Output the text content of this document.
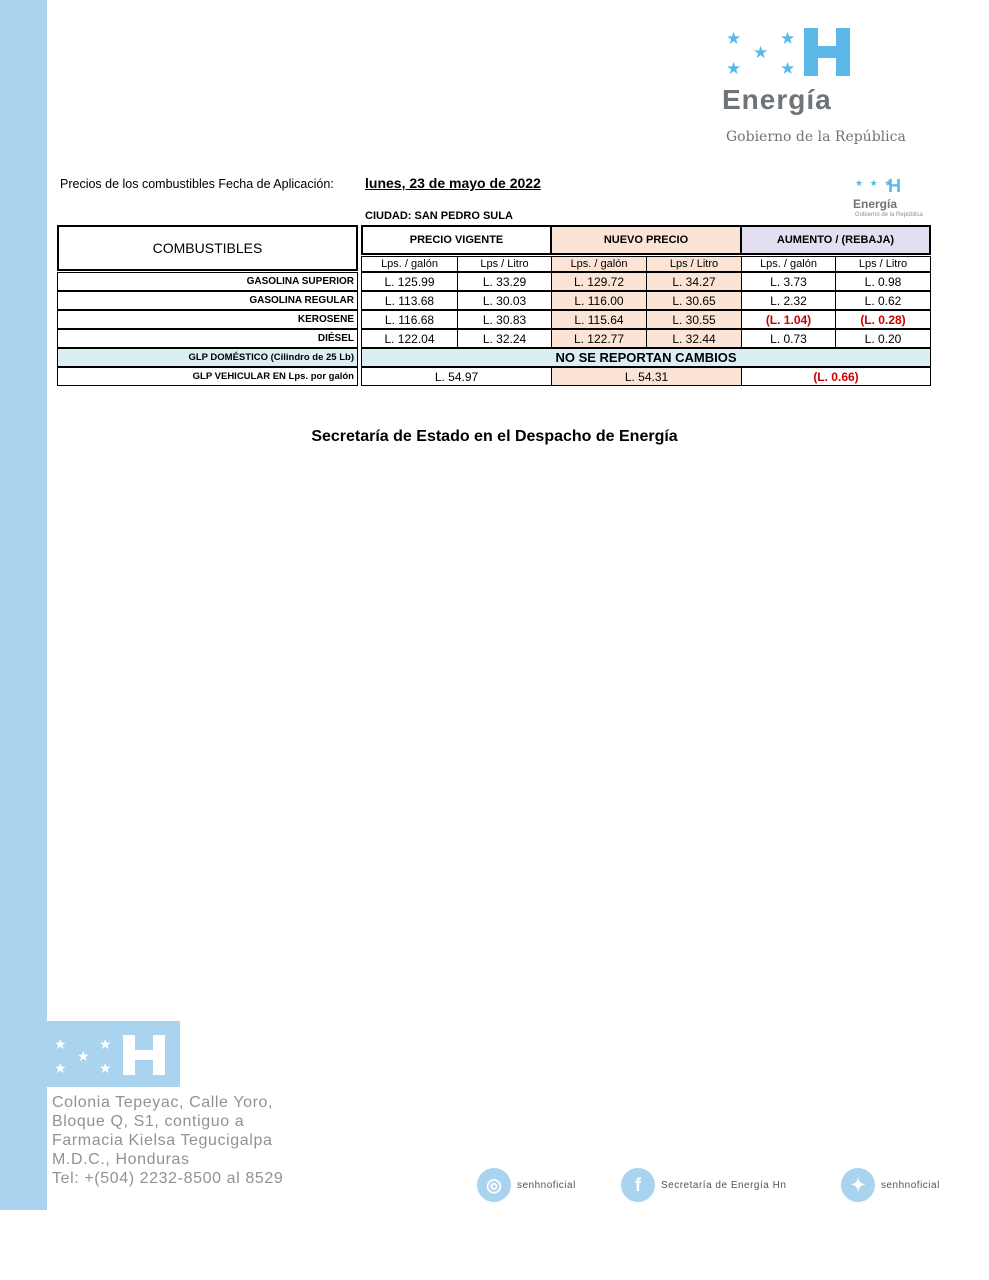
★ ★
★
★ ★
Energía
Gobierno de la República
★ ★ ★
H
Energía
Gobierno de la República
Precios de los combustibles Fecha de Aplicación: lunes, 23 de mayo de 2022
CIUDAD: SAN PEDRO SULA
COMBUSTIBLES	PRECIO VIGENTE	NUEVO PRECIO	AUMENTO / (REBAJA)
Lps. / galón	Lps / Litro	Lps. / galón	Lps / Litro	Lps. / galón	Lps / Litro
GASOLINA SUPERIOR	L. 125.99	L. 33.29	L. 129.72	L. 34.27	L. 3.73	L. 0.98
GASOLINA REGULAR	L. 113.68	L. 30.03	L. 116.00	L. 30.65	L. 2.32	L. 0.62
KEROSENE	L. 116.68	L. 30.83	L. 115.64	L. 30.55	(L. 1.04)	(L. 0.28)
DIÉSEL	L. 122.04	L. 32.24	L. 122.77	L. 32.44	L. 0.73	L. 0.20
GLP DOMÉSTICO (Cilindro de 25 Lb)	NO SE REPORTAN CAMBIOS
GLP VEHICULAR EN Lps. por galón	L. 54.97	L. 54.31	(L. 0.66)
Secretaría de Estado en el Despacho de Energía
★ ★
★
★ ★
Colonia Tepeyac, Calle Yoro,
Bloque Q, S1, contiguo a
Farmacia Kielsa Tegucigalpa
M.D.C., Honduras
Tel: +(504) 2232-8500 al 8529	◎	senhnoficial	f	Secretaría de Energía Hn	✦	senhnoficial
